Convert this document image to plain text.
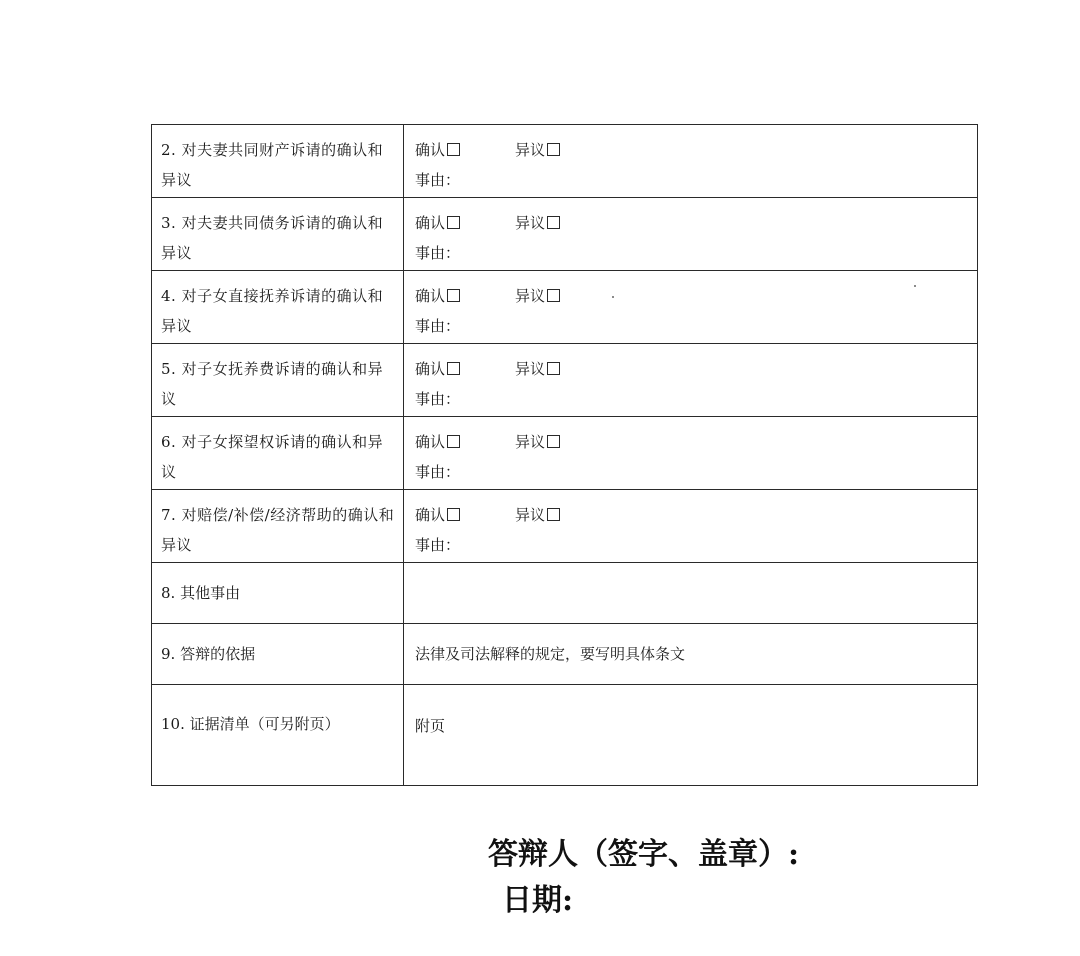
2. 对夫妻共同财产诉请的确认和异议	确认 异议
事由：

3. 对夫妻共同债务诉请的确认和异议	确认 异议
事由：

4. 对子女直接抚养诉请的确认和异议	确认 异议
事由：

5. 对子女抚养费诉请的确认和异议	确认 异议
事由：

6. 对子女探望权诉请的确认和异议	确认 异议
事由：

7. 对赔偿/补偿/经济帮助的确认和异议	确认 异议
事由：

8. 其他事由	
9. 答辩的依据	法律及司法解释的规定，要写明具体条文
10. 证据清单（可另附页）	附页
答辩人（签字、盖章）:
日期:
